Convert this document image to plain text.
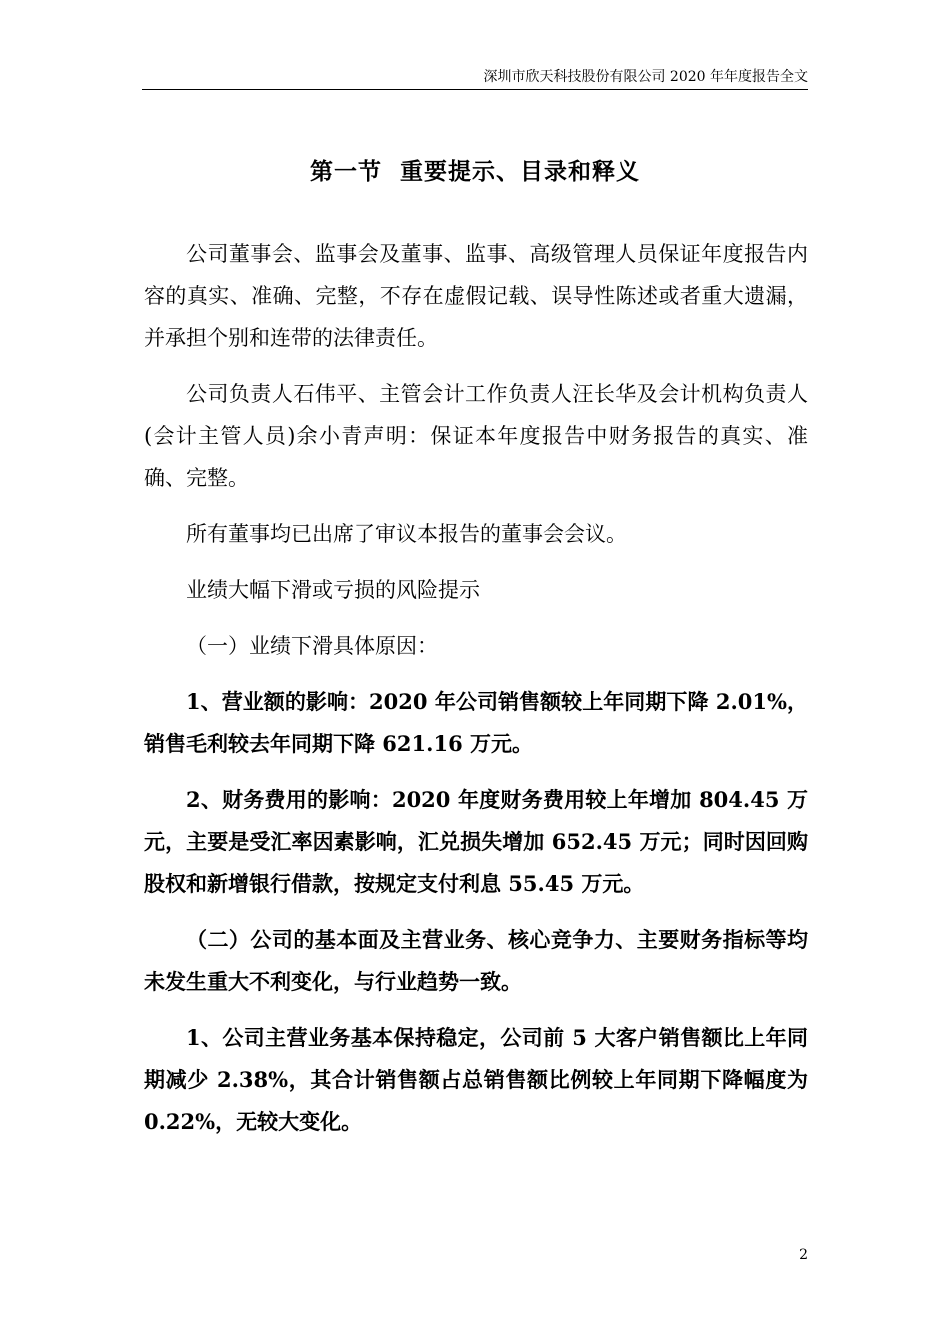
深圳市欣天科技股份有限公司 2020 年年度报告全文
第一节  重要提示、目录和释义

公司董事会、监事会及董事、监事、高级管理人员保证年度报告内容的真实、准确、完整，不存在虚假记载、误导性陈述或者重大遗漏，并承担个别和连带的法律责任。

公司负责人石伟平、主管会计工作负责人汪长华及会计机构负责人(会计主管人员)余小青声明：保证本年度报告中财务报告的真实、准确、完整。

所有董事均已出席了审议本报告的董事会会议。

业绩大幅下滑或亏损的风险提示

（一）业绩下滑具体原因：

1、营业额的影响：2020 年公司销售额较上年同期下降 2.01%，销售毛利较去年同期下降 621.16 万元。

2、财务费用的影响：2020 年度财务费用较上年增加 804.45 万元，主要是受汇率因素影响，汇兑损失增加 652.45 万元；同时因回购股权和新增银行借款，按规定支付利息 55.45 万元。

（二）公司的基本面及主营业务、核心竞争力、主要财务指标等均未发生重大不利变化，与行业趋势一致。

1、公司主营业务基本保持稳定，公司前 5 大客户销售额比上年同期减少 2.38%，其合计销售额占总销售额比例较上年同期下降幅度为 0.22%，无较大变化。

2
